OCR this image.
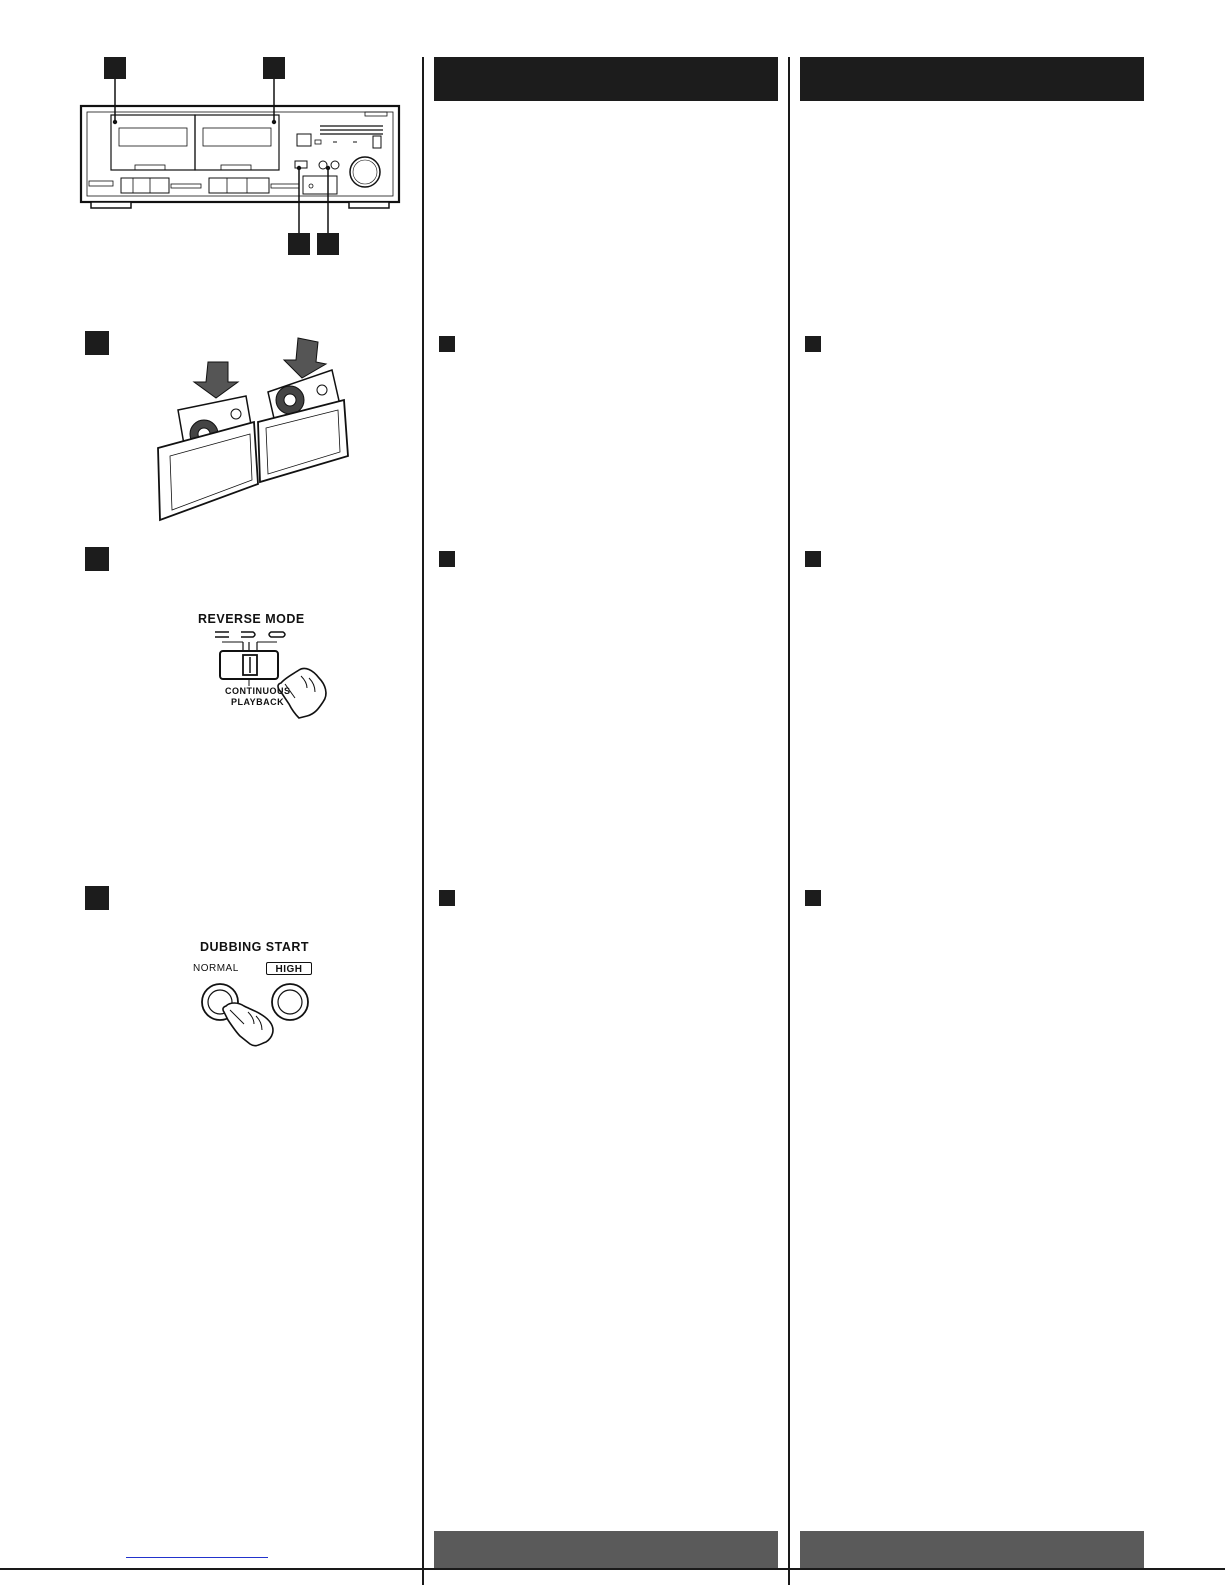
REVERSE MODE
CONTINUOUS
PLAYBACK
DUBBING START
NORMAL	HIGH
